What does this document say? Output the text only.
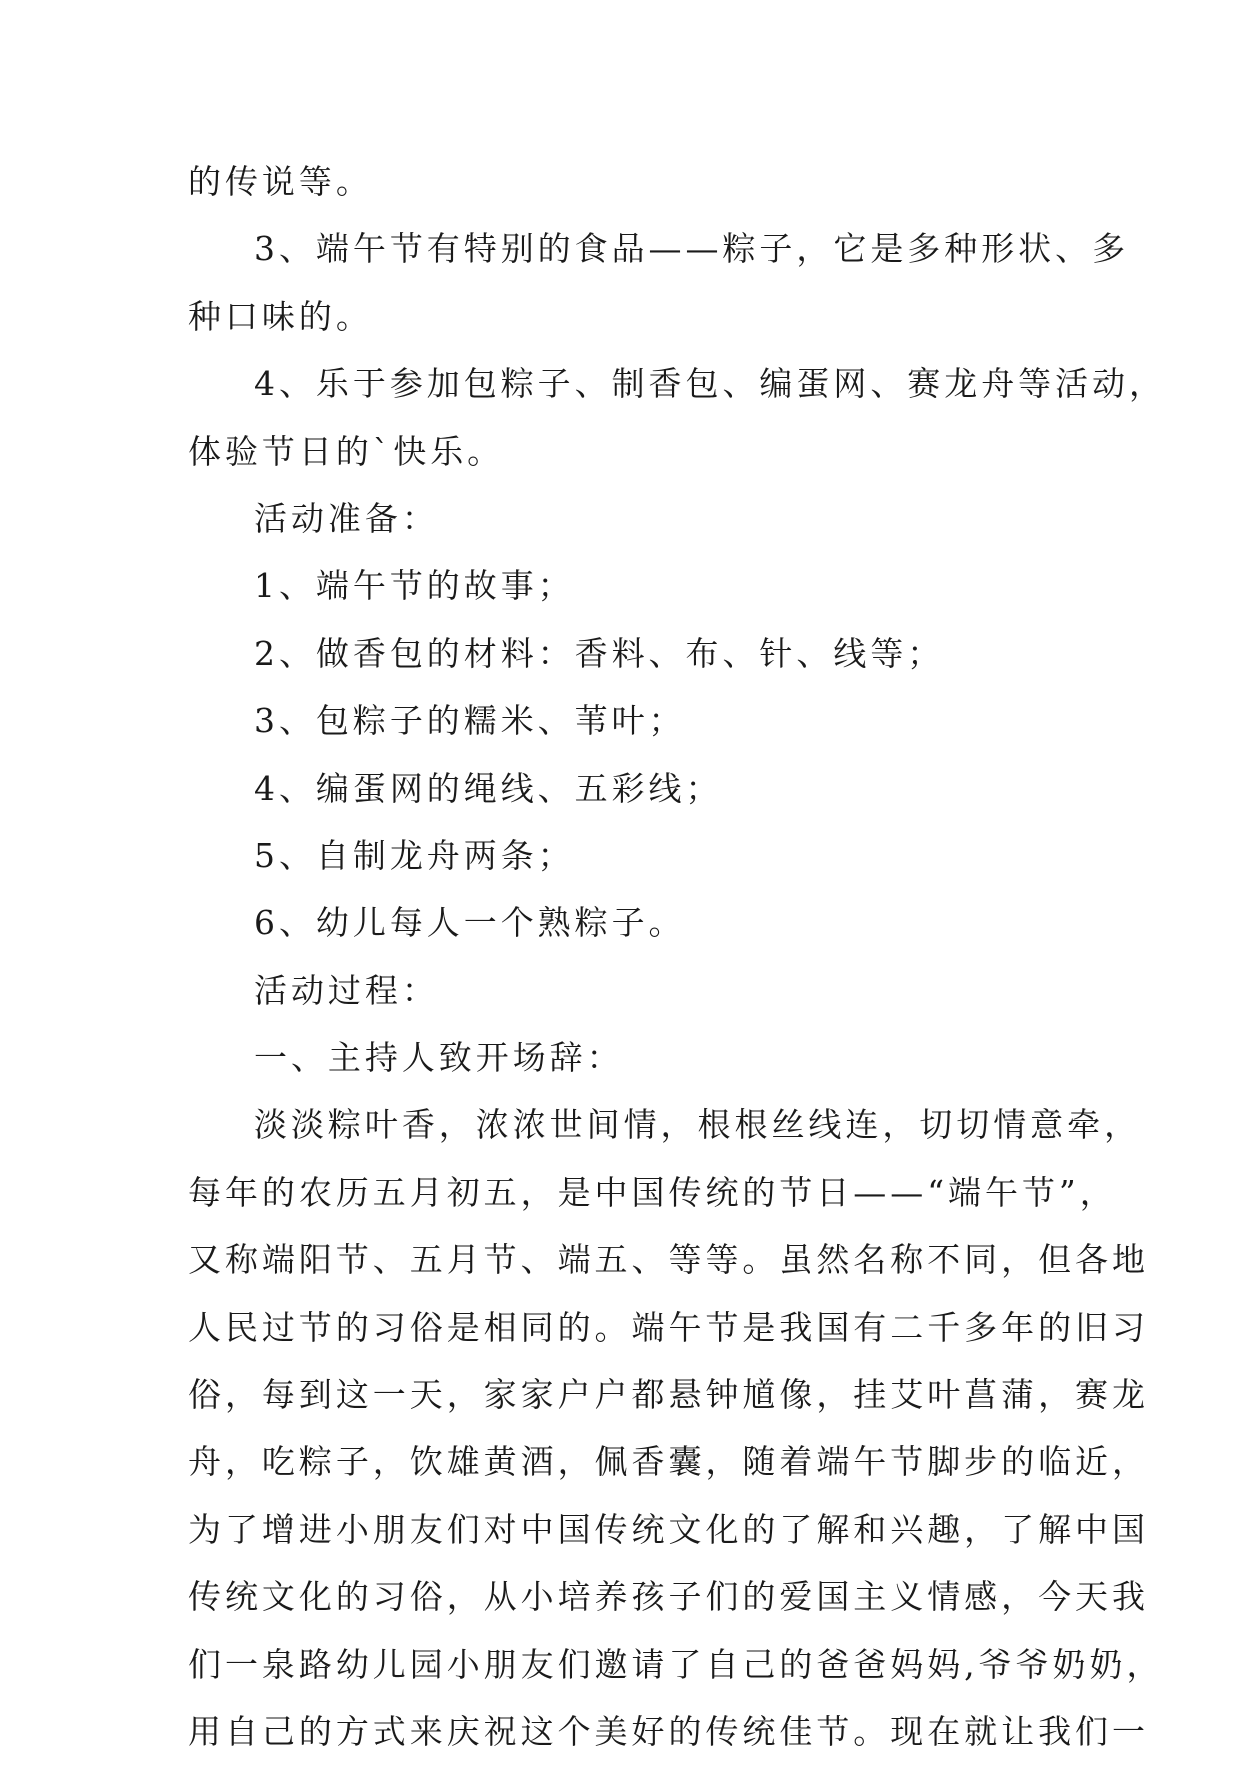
的传说等。
3、端午节有特别的食品——粽子，它是多种形状、多
种口味的。
4、乐于参加包粽子、制香包、编蛋网、赛龙舟等活动，
体验节日的`快乐。
活动准备：
1、端午节的故事；
2、做香包的材料：香料、布、针、线等；
3、包粽子的糯米、苇叶；
4、编蛋网的绳线、五彩线；
5、自制龙舟两条；
6、幼儿每人一个熟粽子。
活动过程：
一、主持人致开场辞：
淡淡粽叶香，浓浓世间情，根根丝线连，切切情意牵，
每年的农历五月初五，是中国传统的节日——“端午节”，
又称端阳节、五月节、端五、等等。虽然名称不同，但各地
人民过节的习俗是相同的。端午节是我国有二千多年的旧习
俗，每到这一天，家家户户都悬钟馗像，挂艾叶菖蒲，赛龙
舟，吃粽子，饮雄黄酒，佩香囊，随着端午节脚步的临近，
为了增进小朋友们对中国传统文化的了解和兴趣，了解中国
传统文化的习俗，从小培养孩子们的爱国主义情感，今天我
们一泉路幼儿园小朋友们邀请了自己的爸爸妈妈,爷爷奶奶，
用自己的方式来庆祝这个美好的传统佳节。现在就让我们一
